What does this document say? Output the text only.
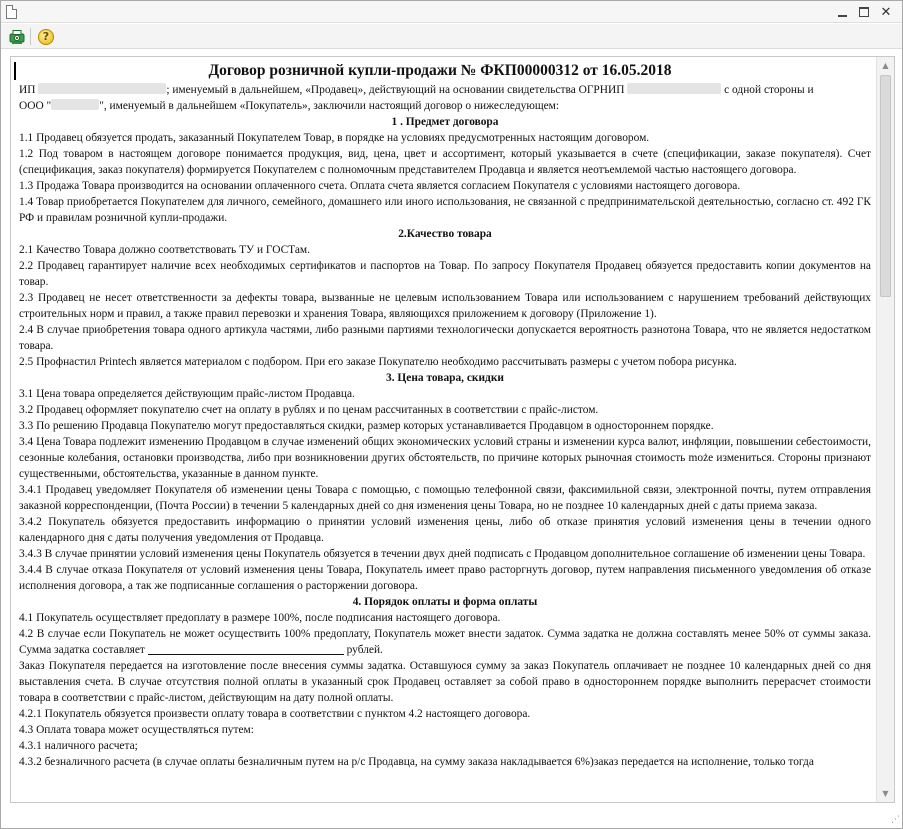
✕
?
Договор розничной купли-продажи № ФКП00000312 от 16.05.2018
ИП	; именуемый в дальнейшем, «Продавец», действующий на основании свидетельства ОГРНИП	с одной стороны и
ООО "	", именуемый в дальнейшем «Покупатель», заключили настоящий договор о нижеследующем:
1 . Предмет договора
1.1 Продавец обязуется продать, заказанный Покупателем Товар, в порядке на условиях предусмотренных настоящим договором.
1.2 Под товаром в настоящем договоре понимается продукция, вид, цена, цвет и ассортимент, который указывается в счете (спецификации, заказе покупателя). Счет (спецификация, заказ покупателя) формируется Покупателем с полномочным представителем Продавца и является неотъемлемой частью настоящего договора.
1.3 Продажа Товара производится на основании оплаченного счета. Оплата счета является согласием Покупателя с условиями настоящего договора.
1.4 Товар приобретается Покупателем для личного, семейного, домашнего или иного использования, не связанной с предпринимательской деятельностью, согласно ст. 492 ГК РФ и правилам розничной купли-продажи.
2.Качество товара
2.1 Качество Товара должно соответствовать ТУ и ГОСТам.
2.2 Продавец гарантирует наличие всех необходимых сертификатов и паспортов на Товар. По запросу Покупателя Продавец обязуется предоставить копии документов на товар.
2.3 Продавец не несет ответственности за дефекты товара, вызванные не целевым использованием Товара или использованием с нарушением требований действующих строительных норм и правил, а также правил перевозки и хранения Товара, являющихся приложением к договору (Приложение 1).
2.4 В случае приобретения товара одного артикула частями, либо разными партиями технологически допускается вероятность разнотона Товара, что не является недостатком товара.
2.5 Профнастил Printech является материалом с подбором. При его заказе Покупателю необходимо рассчитывать размеры с учетом побора рисунка.
3. Цена товара, скидки
3.1 Цена товара определяется действующим прайс-листом Продавца.
3.2 Продавец оформляет покупателю счет на оплату в рублях и по ценам рассчитанных в соответствии с прайс-листом.
3.3 По решению Продавца Покупателю могут предоставляться скидки, размер которых устанавливается Продавцом в одностороннем порядке.
3.4 Цена Товара подлежит изменению Продавцом в случае изменений общих экономических условий страны и изменении курса валют, инфляции, повышении себестоимости, сезонные колебания, остановки производства, либо при возникновении других обстоятельств, по причине которых рыночная стоимость może измениться. Стороны признают существенными, обстоятельства, указанные в данном пункте.
3.4.1 Продавец уведомляет Покупателя об изменении цены Товара с помощью, с помощью телефонной связи, факсимильной связи, электронной почты, путем отправления заказной корреспонденции, (Почта России) в течении 5 календарных дней со дня изменения цены Товара, но не позднее 10 календарных дней с даты приема заказа.
3.4.2 Покупатель обязуется предоставить информацию о принятии условий изменения цены, либо об отказе принятия условий изменения цены в течении одного календарного дня с даты получения уведомления от Продавца.
3.4.3 В случае принятии условий изменения цены Покупатель обязуется в течении двух дней подписать с Продавцом дополнительное соглашение об изменении цены Товара.
3.4.4 В случае отказа Покупателя от условий изменения цены Товара, Покупатель имеет право расторгнуть договор, путем направления письменного уведомления об отказе исполнения договора, а так же подписанные соглашения о расторжении договора.
4. Порядок оплаты и форма оплаты
4.1 Покупатель осуществляет предоплату в размере 100%, после подписания настоящего договора.
4.2 В случае если Покупатель не может осуществить 100% предоплату, Покупатель может внести задаток. Сумма задатка не должна составлять менее 50% от суммы заказа. Сумма задатка составляет	рублей.
Заказ Покупателя передается на изготовление после внесения суммы задатка. Оставшуюся сумму за заказ Покупатель оплачивает не позднее 10 календарных дней со дня выставления счета. В случае отсутствия полной оплаты в указанный срок Продавец оставляет за собой право в одностороннем порядке выполнить перерасчет стоимости товара в соответствии с прайс-листом, действующим на дату полной оплаты.
4.2.1 Покупатель обязуется произвести оплату товара в соответствии с пунктом 4.2 настоящего договора.
4.3 Оплата товара может осуществляться путем:
4.3.1 наличного расчета;
4.3.2 безналичного расчета (в случае оплаты безналичным путем на р/с Продавца, на сумму заказа накладывается 6%)заказ передается на исполнение, только тогда
▲
▼
⋰
